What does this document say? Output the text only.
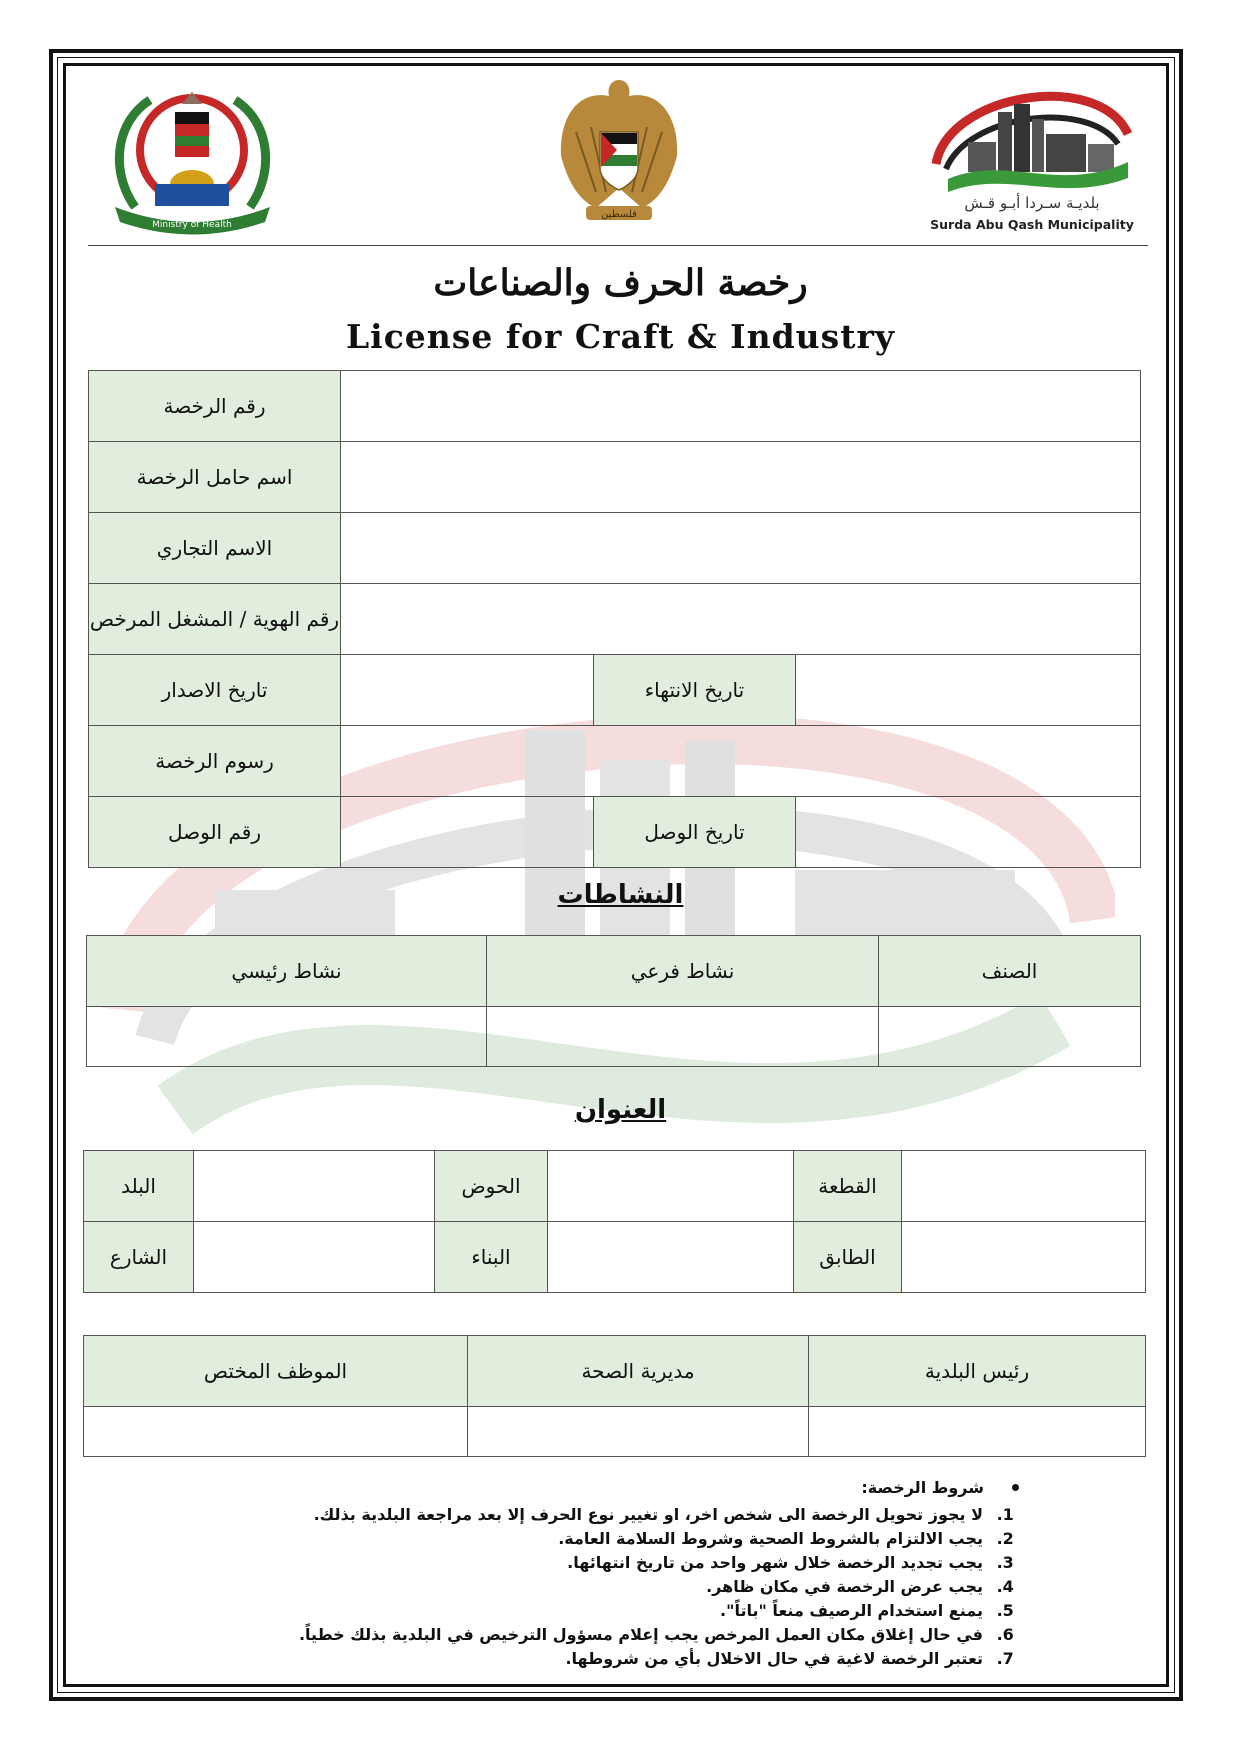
Ministry of Health
فلسطين
بلديـة سـردا أبـو قـش
Surda Abu Qash Municipality
رخصة الحرف والصناعات
License for Craft & Industry
رقم الرخصة			
اسم حامل الرخصة			
الاسم التجاري			
رقم الهوية / المشغل المرخص			
تاريخ الاصدار		تاريخ الانتهاء	
رسوم الرخصة			
رقم الوصل		تاريخ الوصل	
النشاطات
نشاط رئيسي	نشاط فرعي	الصنف

العنوان
البلد		الحوض		القطعة	
الشارع		البناء		الطابق	
الموظف المختص	مديرية الصحة	رئيس البلدية

شروط الرخصة:
1. لا يجوز تحويل الرخصة الى شخص اخر، او تغيير نوع الحرف إلا بعد مراجعة البلدية بذلك.
2. يجب الالتزام بالشروط الصحية وشروط السلامة العامة.
3. يجب تجديد الرخصة خلال شهر واحد من تاريخ انتهائها.
4. يجب عرض الرخصة في مكان ظاهر.
5. يمنع استخدام الرصيف منعاً "باتاً".
6. في حال إغلاق مكان العمل المرخص يجب إعلام مسؤول الترخيص في البلدية بذلك خطياً.
7. تعتبر الرخصة لاغية في حال الاخلال بأي من شروطها.
